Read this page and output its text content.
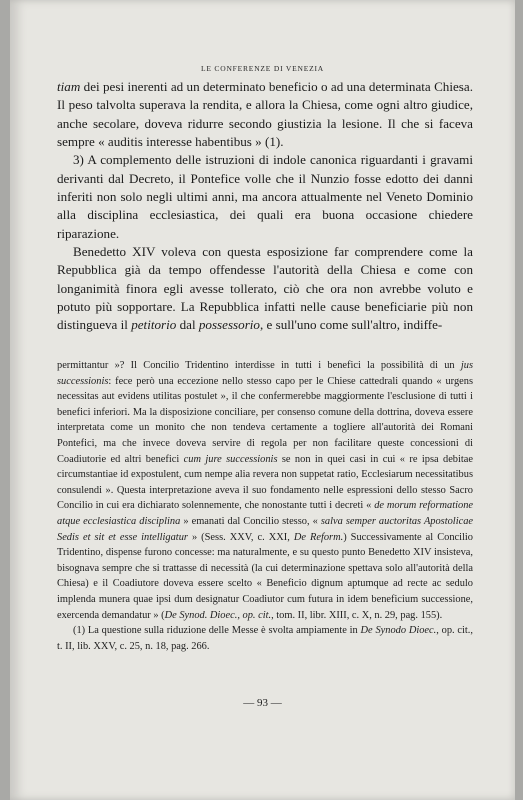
LE CONFERENZE DI VENEZIA

tiam dei pesi inerenti ad un determinato beneficio o ad una determinata Chiesa. Il peso talvolta superava la rendita, e allora la Chiesa, come ogni altro giudice, anche secolare, doveva ridurre secondo giustizia la lesione. Il che si faceva sempre « auditis interesse habentibus » (1).

3) A complemento delle istruzioni di indole canonica riguardanti i gravami derivanti dal Decreto, il Pontefice volle che il Nunzio fosse edotto dei danni inferiti non solo negli ultimi anni, ma ancora attualmente nel Veneto Dominio alla disciplina ecclesiastica, dei quali era buona occasione chiedere riparazione.

Benedetto XIV voleva con questa esposizione far comprendere come la Repubblica già da tempo offendesse l'autorità della Chiesa e come con longanimità finora egli avesse tollerato, ciò che ora non avrebbe voluto e potuto più sopportare. La Repubblica infatti nelle cause beneficiarie più non distingueva il petitorio dal possessorio, e sull'uno come sull'altro, indiffe-

permittantur »? Il Concilio Tridentino interdisse in tutti i benefici la possibilità di un jus successionis: fece però una eccezione nello stesso capo per le Chiese cattedrali quando « urgens necessitas aut evidens utilitas postulet », il che confermerebbe maggiormente l'esclusione di tutti i benefici inferiori. Ma la disposizione conciliare, per consenso comune della dottrina, doveva essere interpretata come un monito che non tendeva certamente a togliere all'autorità dei Romani Pontefici, ma che invece doveva servire di regola per non facilitare queste concessioni di Coadiutorie ed altri benefici cum jure successionis se non in quei casi in cui « re ipsa debitae circumstantiae id expostulent, cum nempe alia revera non suppetat ratio, Ecclesiarum necessitatibus consulendi ». Questa interpretazione aveva il suo fondamento nelle espressioni dello stesso Sacro Concilio in cui era dichiarato solennemente, che nonostante tutti i decreti « de morum reformatione atque ecclesiastica disciplina » emanati dal Concilio stesso, « salva semper auctoritas Apostolicae Sedis et sit et esse intelligatur » (Sess. XXV, c. XXI, De Reform.) Successivamente al Concilio Tridentino, dispense furono concesse: ma naturalmente, e su questo punto Benedetto XIV insisteva, bisognava sempre che si trattasse di necessità (la cui determinazione spettava solo all'autorità della Chiesa) e il Coadiutore doveva essere scelto « Beneficio dignum aptumque ad recte ac sedulo implenda munera quae ipsi dum designatur Coadiutor cum futura in idem beneficium successione, exercenda demandatur » (De Synod. Dioec., op. cit., tom. II, libr. XIII, c. X, n. 29, pag. 155).

(1) La questione sulla riduzione delle Messe è svolta ampiamente in De Synodo Dioec., op. cit., t. II, lib. XXV, c. 25, n. 18, pag. 266.

— 93 —
